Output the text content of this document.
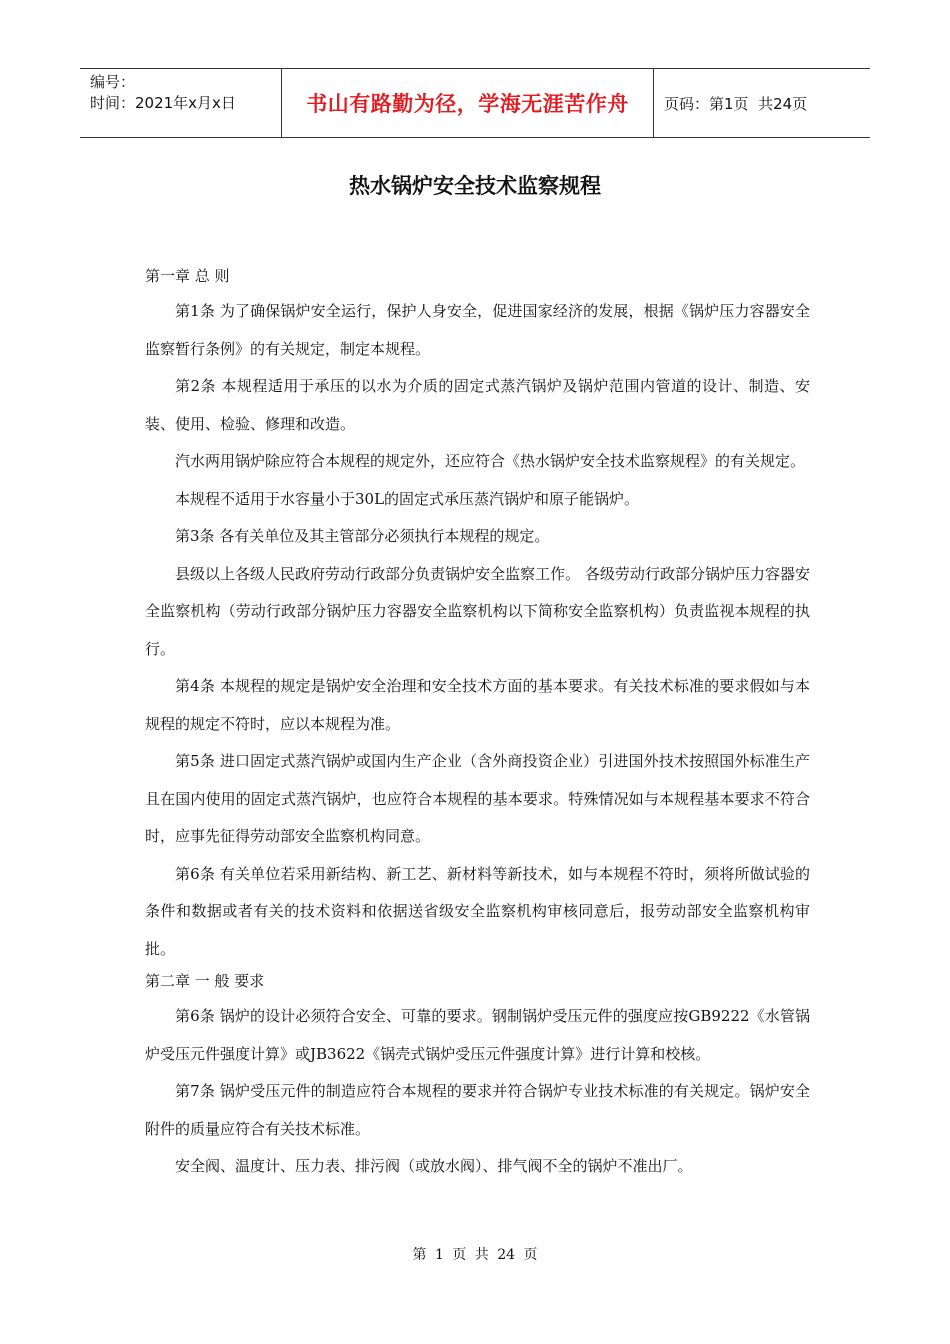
编号：
时间：2021年x月x日	书山有路勤为径，学海无涯苦作舟 页码：第1页  共24页
热水锅炉安全技术监察规程

第一章 总 则

第1条 为了确保锅炉安全运行，保护人身安全，促进国家经济的发展，根据《锅炉压力容器安全监察暂行条例》的有关规定，制定本规程。

第2条 本规程适用于承压的以水为介质的固定式蒸汽锅炉及锅炉范围内管道的设计、制造、安装、使用、检验、修理和改造。

汽水两用锅炉除应符合本规程的规定外，还应符合《热水锅炉安全技术监察规程》的有关规定。

本规程不适用于水容量小于30L的固定式承压蒸汽锅炉和原子能锅炉。

第3条 各有关单位及其主管部分必须执行本规程的规定。

县级以上各级人民政府劳动行政部分负责锅炉安全监察工作。 各级劳动行政部分锅炉压力容器安全监察机构（劳动行政部分锅炉压力容器安全监察机构以下简称安全监察机构）负责监视本规程的执行。

第4条 本规程的规定是锅炉安全治理和安全技术方面的基本要求。有关技术标准的要求假如与本规程的规定不符时，应以本规程为准。

第5条 进口固定式蒸汽锅炉或国内生产企业（含外商投资企业）引进国外技术按照国外标准生产且在国内使用的固定式蒸汽锅炉，也应符合本规程的基本要求。特殊情况如与本规程基本要求不符合时，应事先征得劳动部安全监察机构同意。

第6条 有关单位若采用新结构、新工艺、新材料等新技术，如与本规程不符时，须将所做试验的条件和数据或者有关的技术资料和依据送省级安全监察机构审核同意后，报劳动部安全监察机构审批。

第二章 一 般 要求

第6条 锅炉的设计必须符合安全、可靠的要求。钢制锅炉受压元件的强度应按GB9222《水管锅炉受压元件强度计算》或JB3622《锅壳式锅炉受压元件强度计算》进行计算和校核。

第7条 锅炉受压元件的制造应符合本规程的要求并符合锅炉专业技术标准的有关规定。锅炉安全附件的质量应符合有关技术标准。

安全阀、温度计、压力表、排污阀（或放水阀）、排气阀不全的锅炉不准出厂。

第 1 页 共 24 页
